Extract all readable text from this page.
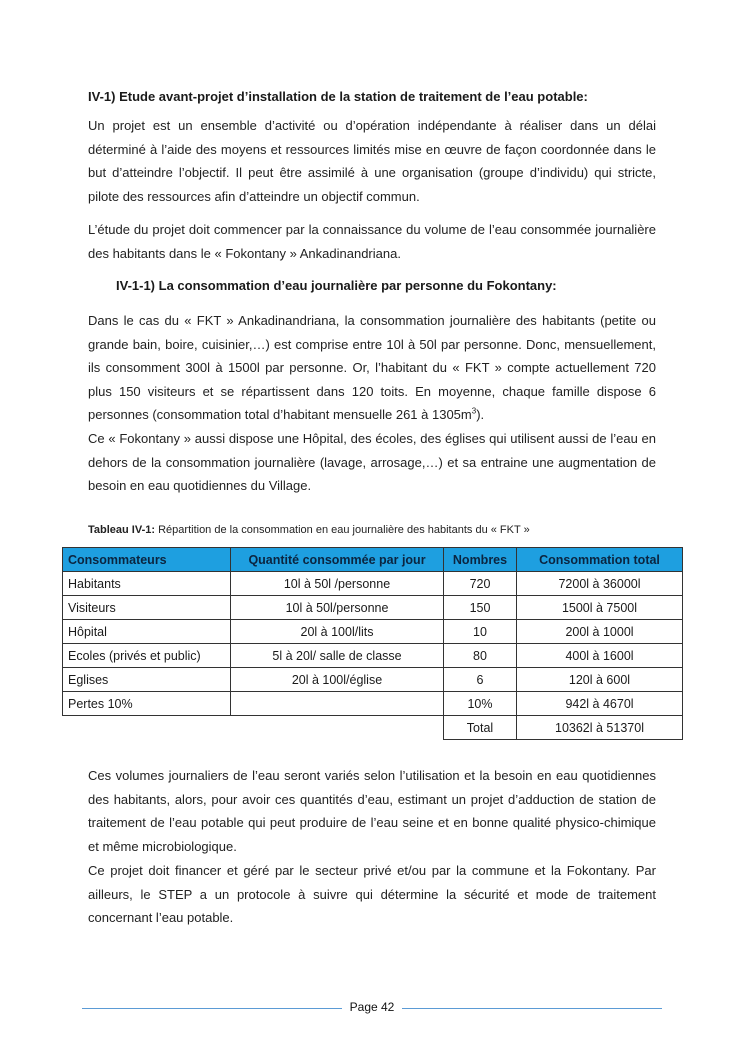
IV-1) Etude avant-projet d’installation de la station de traitement de l’eau potable:

Un projet est un ensemble d’activité ou d’opération indépendante à réaliser dans un délai déterminé à l’aide des moyens et ressources limités mise en œuvre de façon coordonnée dans le but d’atteindre l’objectif. Il peut être assimilé à une organisation (groupe d’individu) qui stricte, pilote des ressources afin d’atteindre un objectif commun.

L’étude du projet doit commencer par la connaissance du volume de l’eau consommée journalière des habitants dans le « Fokontany » Ankadinandriana.

IV-1-1) La consommation d’eau journalière par personne du Fokontany:

Dans le cas du « FKT » Ankadinandriana, la consommation journalière des habitants (petite ou grande bain, boire, cuisinier,…) est comprise entre 10l à 50l par personne. Donc, mensuellement, ils consomment 300l à 1500l par personne. Or, l’habitant du « FKT » compte actuellement 720 plus 150 visiteurs et se répartissent dans 120 toits. En moyenne, chaque famille dispose 6 personnes (consommation total d’habitant mensuelle 261 à $1305m^3$).

Ce « Fokontany » aussi dispose une Hôpital, des écoles, des églises qui utilisent aussi de l’eau en dehors de la consommation journalière (lavage, arrosage,…) et sa entraine une augmentation de besoin en eau quotidiennes du Village.

Tableau IV-1: Répartition de la consommation en eau journalière des habitants du « FKT »

Consommateurs	Quantité consommée par jour	Nombres	Consommation total
Habitants	10l à 50l /personne	720	7200l à 36000l
Visiteurs	10l à 50l/personne	150	1500l à 7500l
Hôpital	20l à 100l/lits	10	200l à 1000l
Ecoles (privés et public)	5l à 20l/ salle de classe	80	400l à 1600l
Eglises	20l à 100l/église	6	120l à 600l
Pertes 10%		10%	942l à 4670l
		Total	10362l à 51370l

Ces volumes journaliers de l’eau seront variés selon l’utilisation et la besoin en eau quotidiennes des habitants, alors, pour avoir ces quantités d’eau, estimant un projet d’adduction de station de traitement de l’eau potable qui peut produire de l’eau seine et en bonne qualité physico-chimique et même microbiologique.

Ce projet doit financer et géré par le secteur privé et/ou par la commune et la Fokontany. Par ailleurs, le STEP a un protocole à suivre qui détermine la sécurité et mode de traitement concernant l’eau potable.

Page 42
